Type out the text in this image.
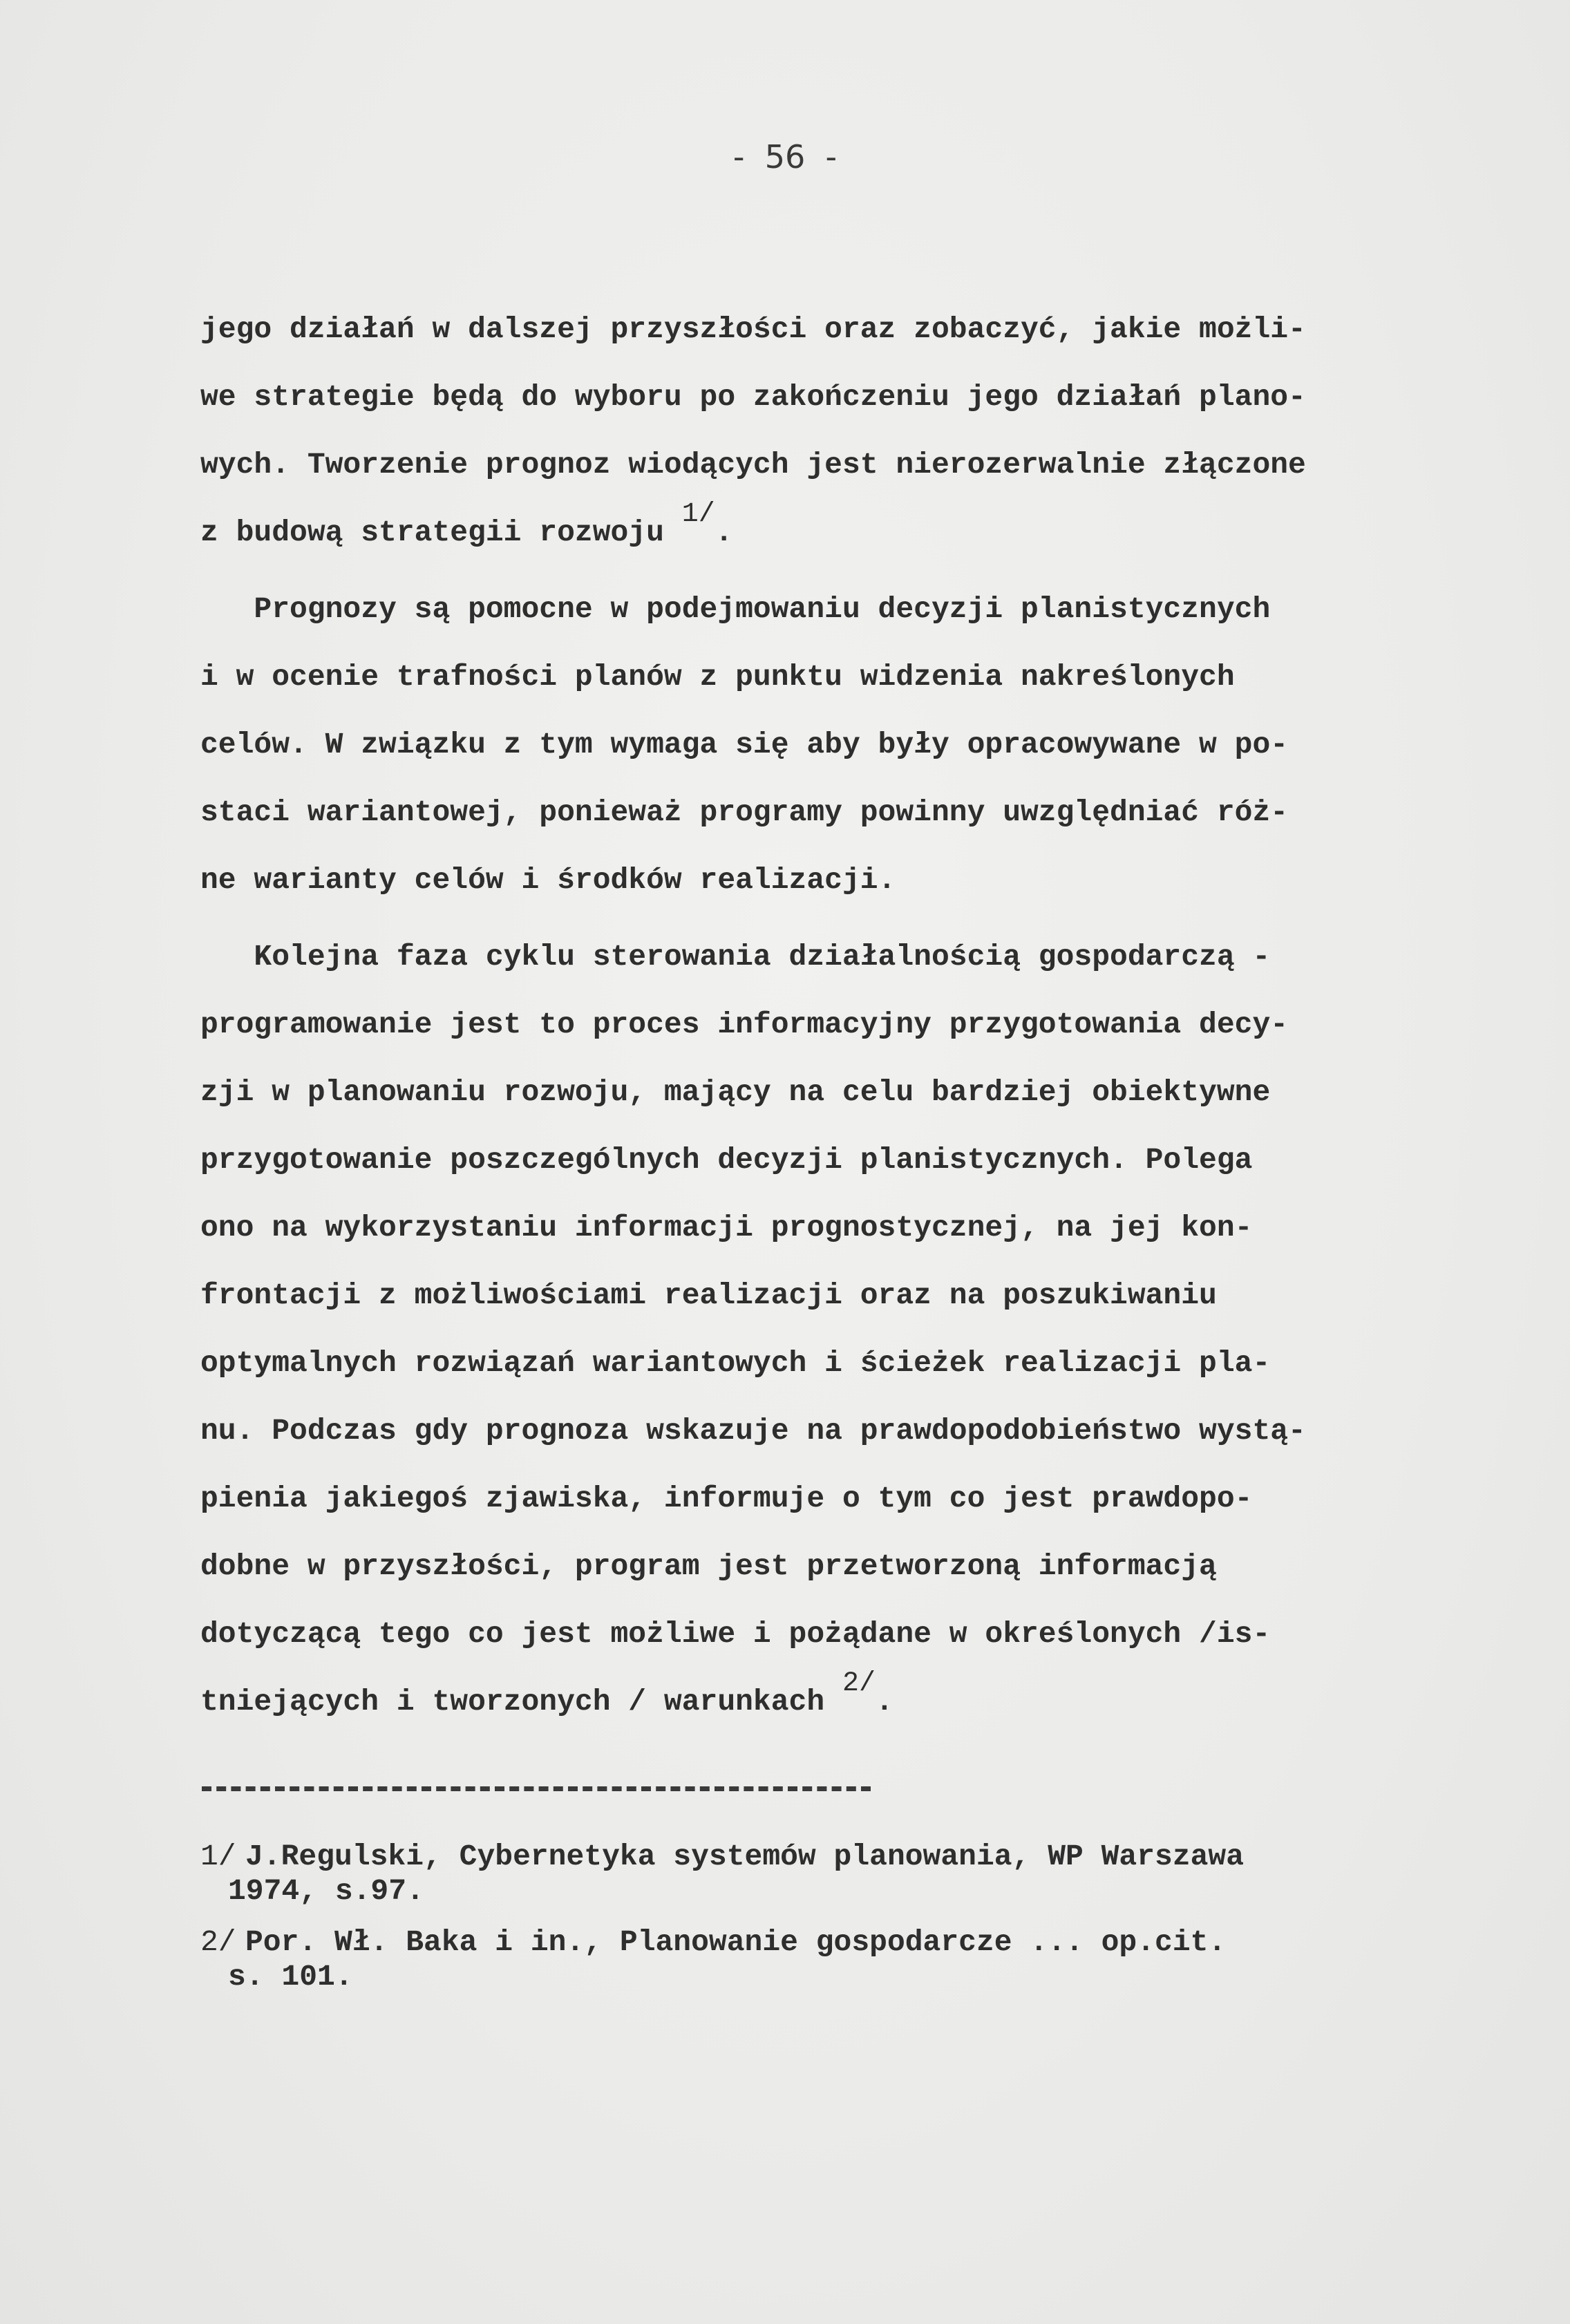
-  56  -
jego działań w dalszej przyszłości oraz zobaczyć, jakie możli-
we strategie będą do wyboru po zakończeniu jego działań plano-
wych. Tworzenie prognoz wiodących jest nierozerwalnie złączone
z budową strategii rozwoju 1/.
Prognozy są pomocne w podejmowaniu decyzji planistycznych
i w ocenie trafności planów z punktu widzenia nakreślonych
celów. W związku z tym wymaga się aby były opracowywane w po-
staci wariantowej, ponieważ programy powinny uwzględniać róż-
ne warianty celów i środków realizacji.
Kolejna faza cyklu sterowania działalnością gospodarczą -
programowanie jest to proces informacyjny przygotowania decy-
zji w planowaniu rozwoju, mający na celu bardziej obiektywne
przygotowanie poszczególnych decyzji planistycznych. Polega
ono na wykorzystaniu informacji prognostycznej, na jej kon-
frontacji z możliwościami realizacji oraz na poszukiwaniu
optymalnych rozwiązań wariantowych i ścieżek realizacji pla-
nu. Podczas gdy prognoza wskazuje na prawdopodobieństwo wystą-
pienia jakiegoś zjawiska, informuje o tym co jest prawdopo-
dobne w przyszłości, program jest przetworzoną informacją
dotyczącą tego co jest możliwe i pożądane w określonych /is-
tniejących i tworzonych / warunkach 2/.
1/ J.Regulski, Cybernetyka systemów planowania, WP Warszawa
1974, s.97.
2/ Por. Wł. Baka i in., Planowanie gospodarcze ... op.cit.
s. 101.
